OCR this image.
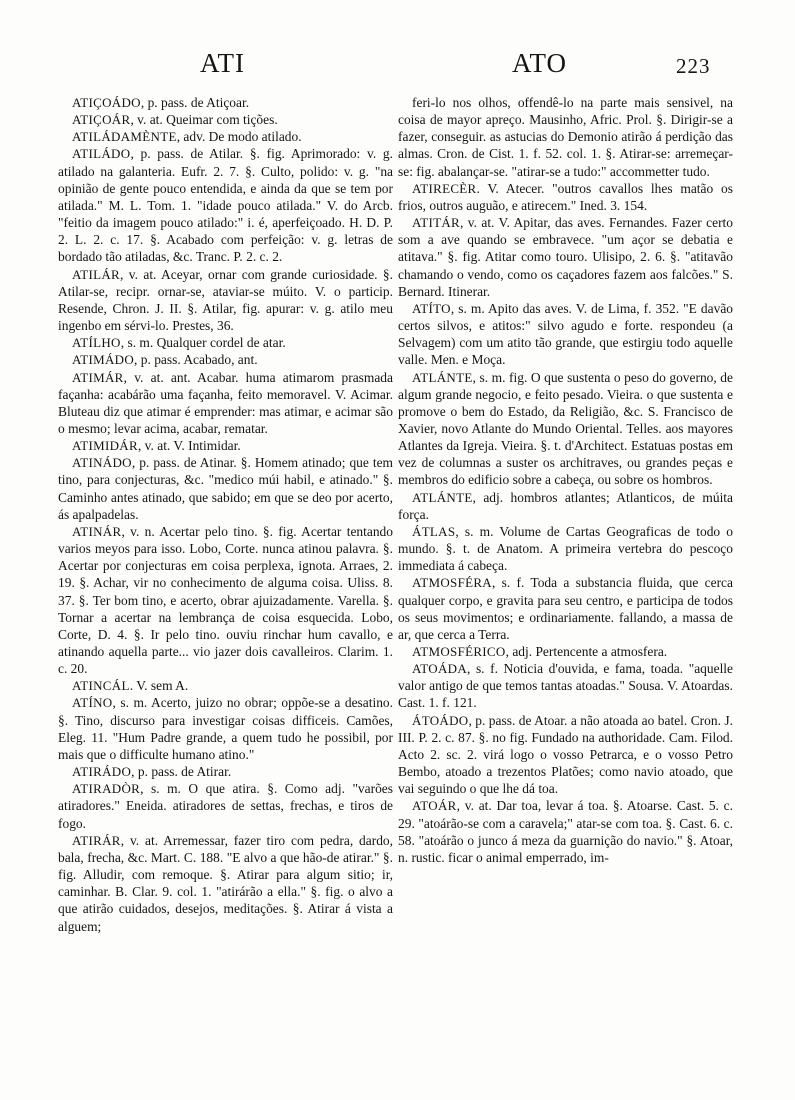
ATI	ATO	223

ATIÇOÁDO, p. pass. de Atiçoar.

ATIÇOÁR, v. at. Queimar com tições.

ATILÁDAMÈNTE, adv. De modo atilado.

ATILÁDO, p. pass. de Atilar. §. fig. Aprimorado: v. g. atilado na galanteria. Eufr. 2. 7. §. Culto, polido: v. g. "na opinião de gente pouco entendida, e ainda da que se tem por atilada." M. L. Tom. 1. "idade pouco atilada." V. do Arcb. "feitio da imagem pouco atilado:" i. é, aperfeiçoado. H. D. P. 2. L. 2. c. 17. §. Acabado com perfeição: v. g. letras de bordado tão atiladas, &c. Tranc. P. 2. c. 2.

ATILÁR, v. at. Aceyar, ornar com grande curiosidade. §. Atilar-se, recipr. ornar-se, ataviar-se múito. V. o particip. Resende, Chron. J. II. §. Atilar, fig. apurar: v. g. atilo meu ingenbo em sérvi-lo. Prestes, 36.

ATÍLHO, s. m. Qualquer cordel de atar.

ATIMÁDO, p. pass. Acabado, ant.

ATIMÁR, v. at. ant. Acabar. huma atimarom prasmada façanha: acabárão uma façanha, feito memoravel. V. Acimar. Bluteau diz que atimar é emprender: mas atimar, e acimar são o mesmo; levar acima, acabar, rematar.

ATIMIDÁR, v. at. V. Intimidar.

ATINÁDO, p. pass. de Atinar. §. Homem atinado; que tem tino, para conjecturas, &c. "medico múi habil, e atinado." §. Caminho antes atinado, que sabido; em que se deo por acerto, ás apalpadelas.

ATINÁR, v. n. Acertar pelo tino. §. fig. Acertar tentando varios meyos para isso. Lobo, Corte. nunca atinou palavra. §. Acertar por conjecturas em coisa perplexa, ignota. Arraes, 2. 19. §. Achar, vir no conhecimento de alguma coisa. Uliss. 8. 37. §. Ter bom tino, e acerto, obrar ajuizadamente. Varella. §. Tornar a acertar na lembrança de coisa esquecida. Lobo, Corte, D. 4. §. Ir pelo tino. ouviu rinchar hum cavallo, e atinando aquella parte... vio jazer dois cavalleiros. Clarim. 1. c. 20.

ATINCÁL. V. sem A.

ATÍNO, s. m. Acerto, juizo no obrar; oppõe-se a desatino. §. Tino, discurso para investigar coisas difficeis. Camões, Eleg. 11. "Hum Padre grande, a quem tudo he possibil, por mais que o difficulte humano atino."

ATIRÁDO, p. pass. de Atirar.

ATIRADÒR, s. m. O que atira. §. Como adj. "varões atiradores." Eneida. atiradores de settas, frechas, e tiros de fogo.

ATIRÁR, v. at. Arremessar, fazer tiro com pedra, dardo, bala, frecha, &c. Mart. C. 188. "E alvo a que hão-de atirar." §. fig. Alludir, com remoque. §. Atirar para algum sitio; ir, caminhar. B. Clar. 9. col. 1. "atirárão a ella." §. fig. o alvo a que atirão cuidados, desejos, meditações. §. Atirar á vista a alguem;

feri-lo nos olhos, offendê-lo na parte mais sensivel, na coisa de mayor apreço. Mausinho, Afric. Prol. §. Dirigir-se a fazer, conseguir. as astucias do Demonio atirão á perdição das almas. Cron. de Cist. 1. f. 52. col. 1. §. Atirar-se: arremeçar-se: fig. abalançar-se. "atirar-se a tudo:" accommetter tudo.

ATIRECÈR. V. Atecer. "outros cavallos lhes matão os frios, outros auguão, e atirecem." Ined. 3. 154.

ATITÁR, v. at. V. Apitar, das aves. Fernandes. Fazer certo som a ave quando se embravece. "um açor se debatia e atitava." §. fig. Atitar como touro. Ulisipo, 2. 6. §. "atitavão chamando o vendo, como os caçadores fazem aos falcões." S. Bernard. Itinerar.

ATÍTO, s. m. Apito das aves. V. de Lima, f. 352. "E davão certos silvos, e atitos:" silvo agudo e forte. respondeu (a Selvagem) com um atito tão grande, que estirgiu todo aquelle valle. Men. e Moça.

ATLÁNTE, s. m. fig. O que sustenta o peso do governo, de algum grande negocio, e feito pesado. Vieira. o que sustenta e promove o bem do Estado, da Religião, &c. S. Francisco de Xavier, novo Atlante do Mundo Oriental. Telles. aos mayores Atlantes da Igreja. Vieira. §. t. d'Architect. Estatuas postas em vez de columnas a suster os architraves, ou grandes peças e membros do edificio sobre a cabeça, ou sobre os hombros.

ATLÁNTE, adj. hombros atlantes; Atlanticos, de múita força.

ÁTLAS, s. m. Volume de Cartas Geograficas de todo o mundo. §. t. de Anatom. A primeira vertebra do pescoço immediata á cabeça.

ATMOSFÉRA, s. f. Toda a substancia fluida, que cerca qualquer corpo, e gravita para seu centro, e participa de todos os seus movimentos; e ordinariamente. fallando, a massa de ar, que cerca a Terra.

ATMOSFÉRICO, adj. Pertencente a atmosfera.

ATOÁDA, s. f. Noticia d'ouvida, e fama, toada. "aquelle valor antigo de que temos tantas atoadas." Sousa. V. Atoardas. Cast. 1. f. 121.

ÁTOÁDO, p. pass. de Atoar. a não atoada ao batel. Cron. J. III. P. 2. c. 87. §. no fig. Fundado na authoridade. Cam. Filod. Acto 2. sc. 2. virá logo o vosso Petrarca, e o vosso Petro Bembo, atoado a trezentos Platões; como navio atoado, que vai seguindo o que lhe dá toa.

ATOÁR, v. at. Dar toa, levar á toa. §. Atoarse. Cast. 5. c. 29. "atoárão-se com a caravela;" atar-se com toa. §. Cast. 6. c. 58. "atoárão o junco á meza da guarnição do navio." §. Atoar, n. rustic. ficar o animal emperrado, im-
